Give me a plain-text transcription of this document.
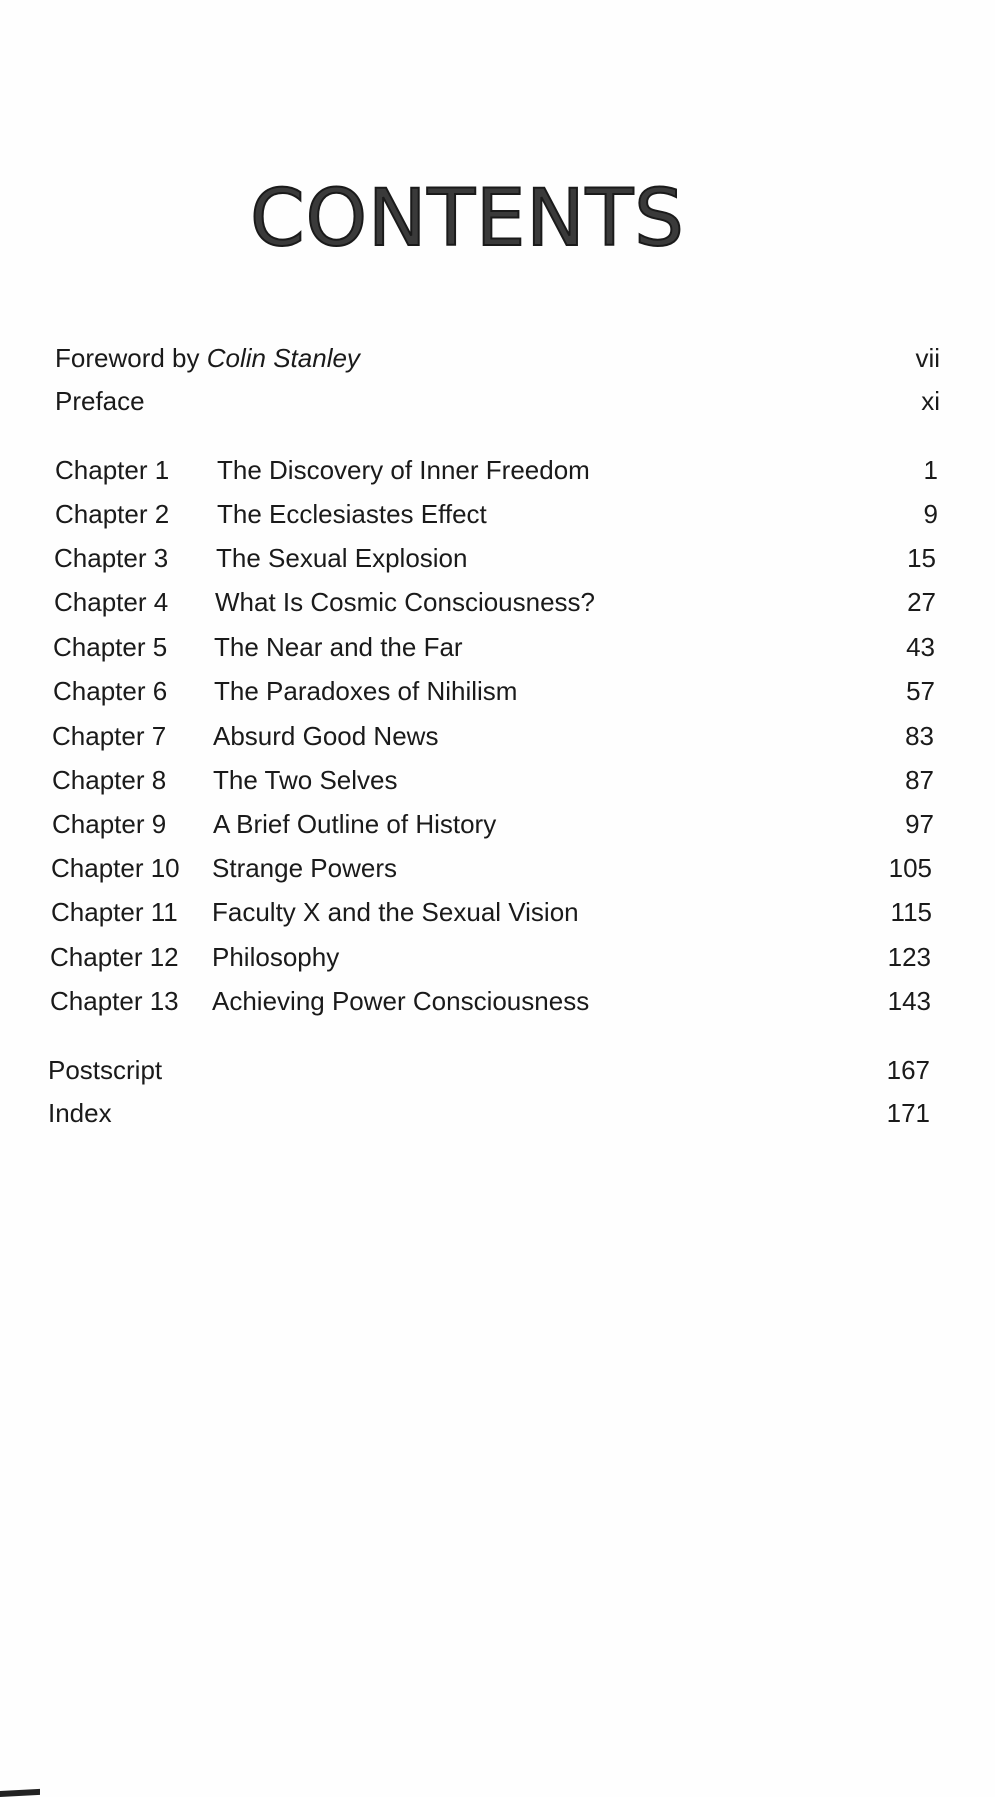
CONTENTS
Foreword by Colin Stanley	vii
Preface	xi
Chapter 1 The Discovery of Inner Freedom	1
Chapter 2 The Ecclesiastes Effect	9
Chapter 3 The Sexual Explosion	15
Chapter 4 What Is Cosmic Consciousness?	27
Chapter 5 The Near and the Far	43
Chapter 6 The Paradoxes of Nihilism	57
Chapter 7 Absurd Good News	83
Chapter 8 The Two Selves	87
Chapter 9 A Brief Outline of History	97
Chapter 10 Strange Powers	105
Chapter 11 Faculty X and the Sexual Vision	115
Chapter 12 Philosophy	123
Chapter 13 Achieving Power Consciousness	143
Postscript	167
Index	171
